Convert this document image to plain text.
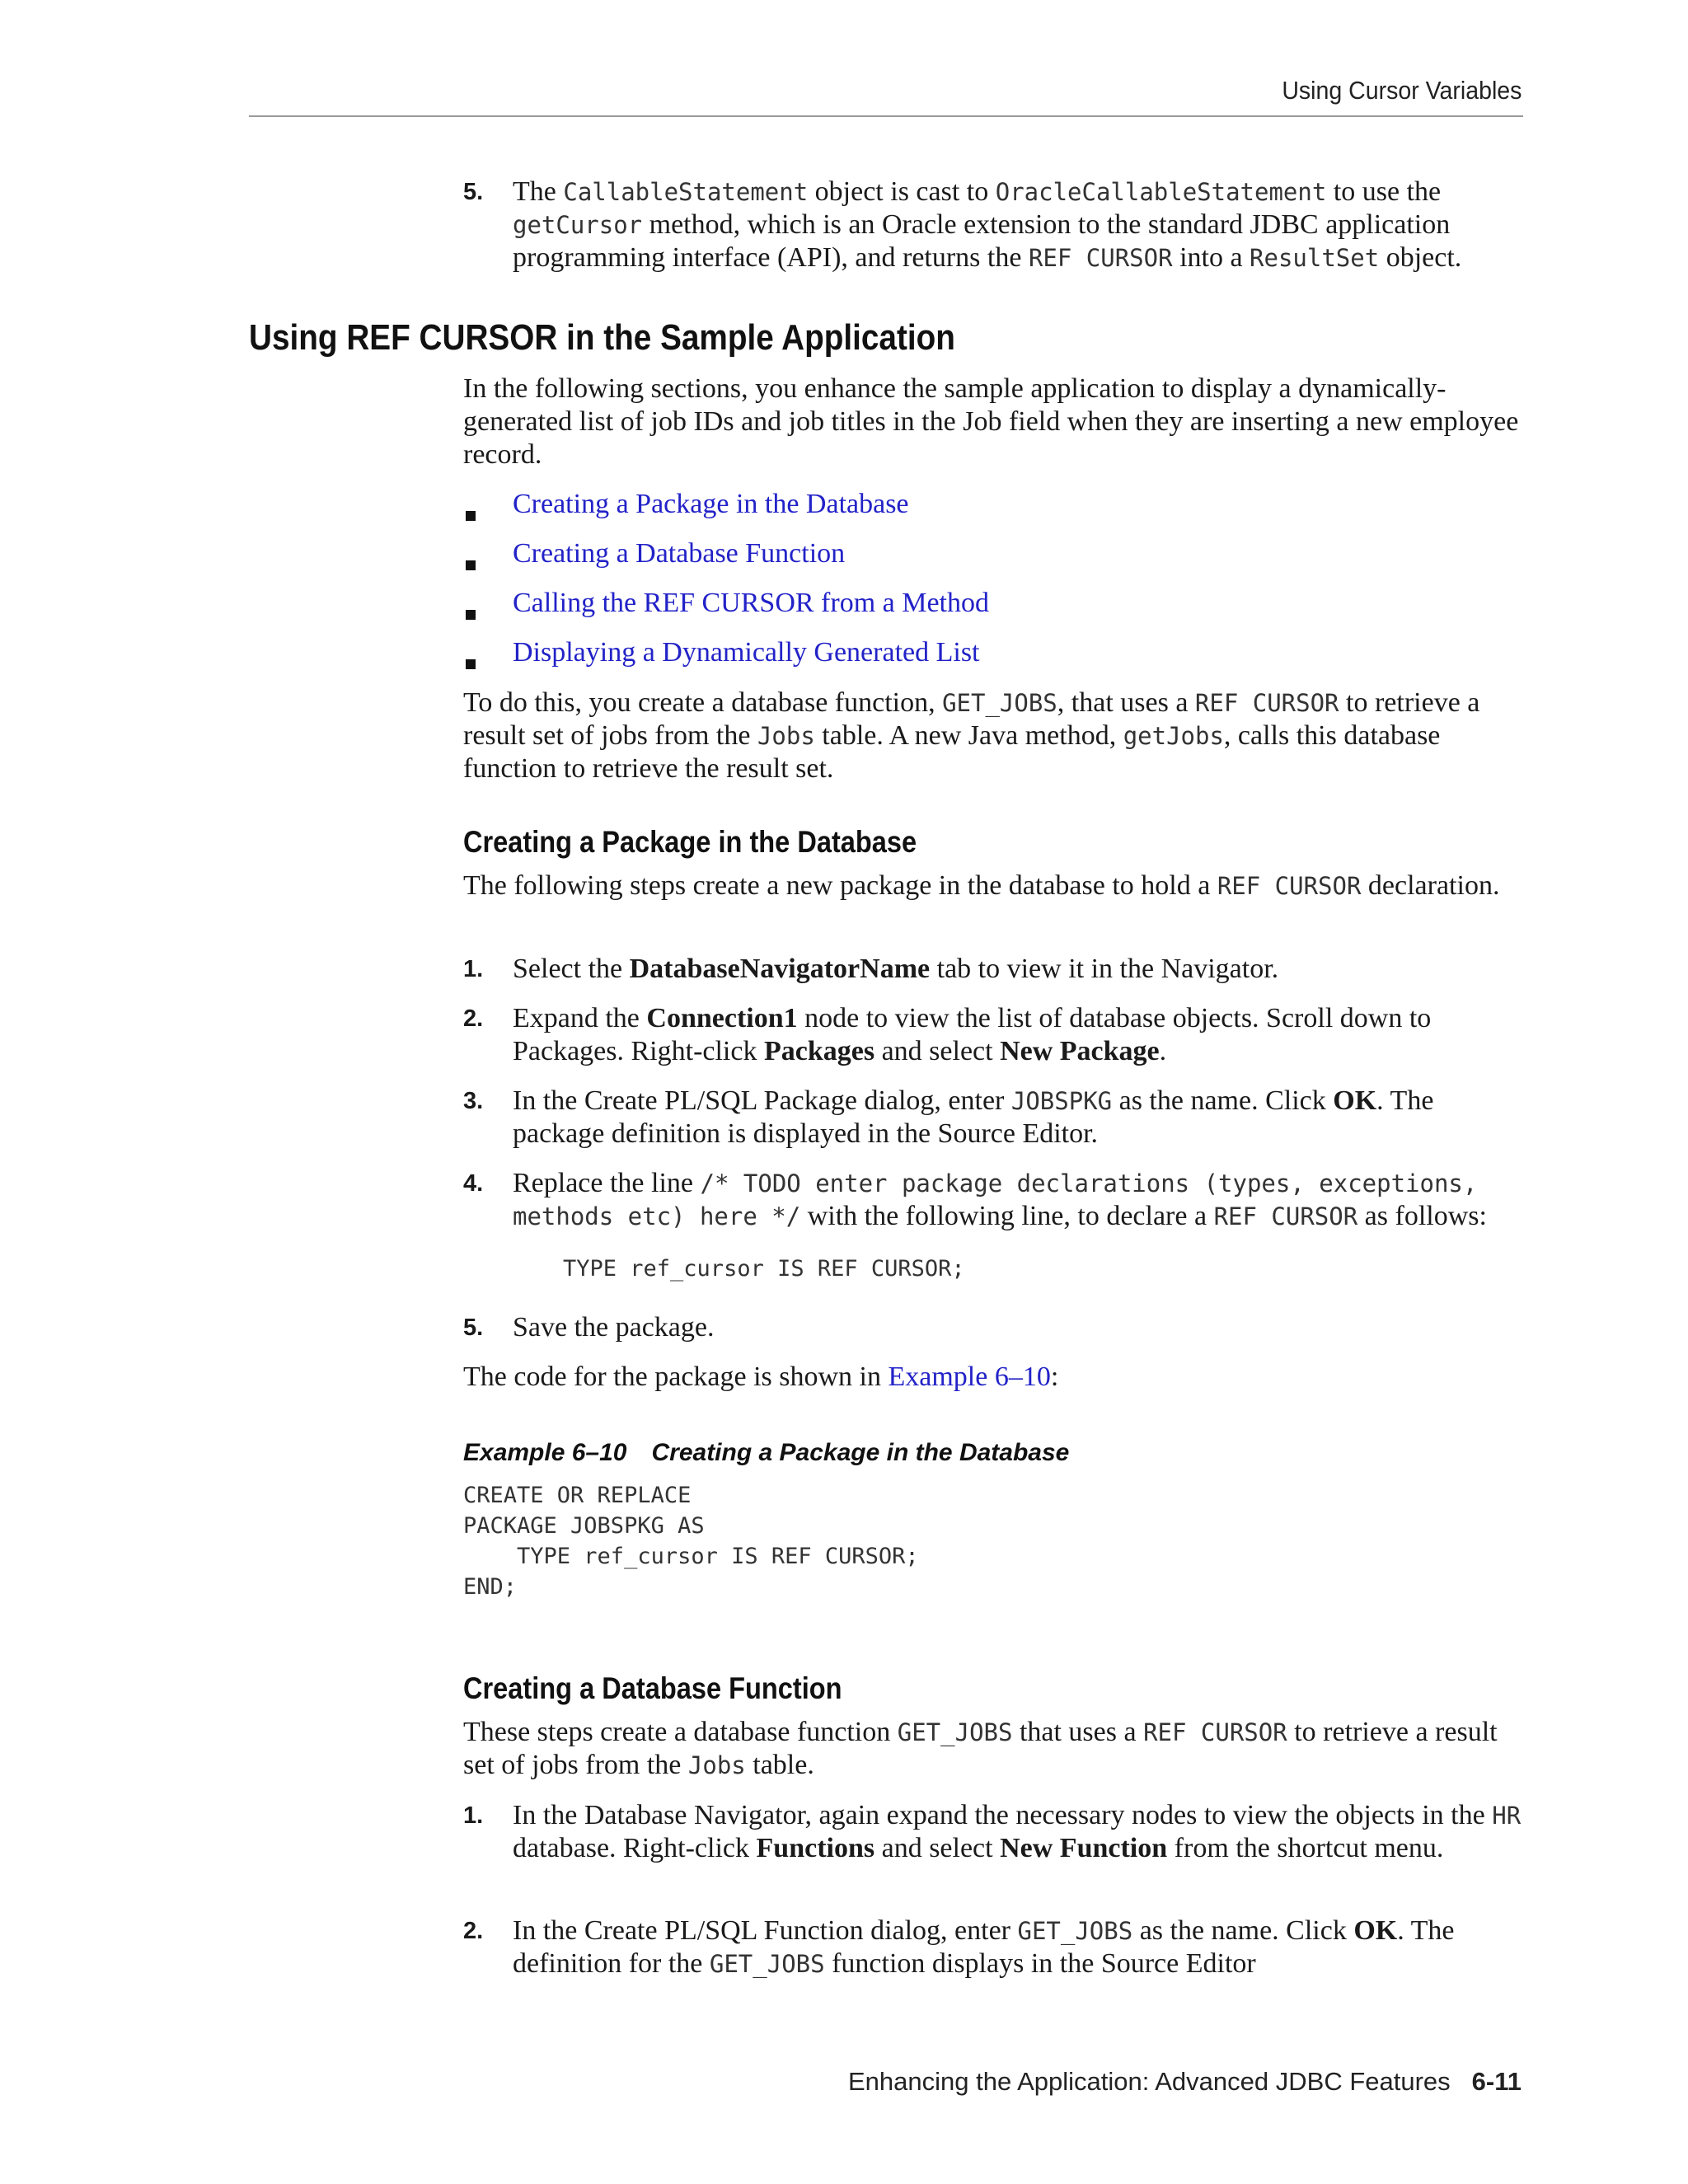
Using Cursor Variables
5. The CallableStatement object is cast to OracleCallableStatement to use the getCursor method, which is an Oracle extension to the standard JDBC application programming interface (API), and returns the REF CURSOR into a ResultSet object.
Using REF CURSOR in the Sample Application
In the following sections, you enhance the sample application to display a dynamically-generated list of job IDs and job titles in the Job field when they are inserting a new employee record.
Creating a Package in the Database
Creating a Database Function
Calling the REF CURSOR from a Method
Displaying a Dynamically Generated List
To do this, you create a database function, GET_JOBS, that uses a REF CURSOR to retrieve a result set of jobs from the Jobs table. A new Java method, getJobs, calls this database function to retrieve the result set.
Creating a Package in the Database
The following steps create a new package in the database to hold a REF CURSOR declaration.
1. Select the DatabaseNavigatorName tab to view it in the Navigator.
2. Expand the Connection1 node to view the list of database objects. Scroll down to Packages. Right-click Packages and select New Package.
3. In the Create PL/SQL Package dialog, enter JOBSPKG as the name. Click OK. The package definition is displayed in the Source Editor.
4. Replace the line /* TODO enter package declarations (types, exceptions, methods etc) here */ with the following line, to declare a REF CURSOR as follows:
TYPE ref_cursor IS REF CURSOR;
5. Save the package.
The code for the package is shown in Example 6–10:
Example 6–10 Creating a Package in the Database
CREATE OR REPLACE
PACKAGE JOBSPKG AS
TYPE ref_cursor IS REF CURSOR;
END;
Creating a Database Function
These steps create a database function GET_JOBS that uses a REF CURSOR to retrieve a result set of jobs from the Jobs table.
1. In the Database Navigator, again expand the necessary nodes to view the objects in the HR database. Right-click Functions and select New Function from the shortcut menu.
2. In the Create PL/SQL Function dialog, enter GET_JOBS as the name. Click OK. The definition for the GET_JOBS function displays in the Source Editor
Enhancing the Application: Advanced JDBC Features 6-11
